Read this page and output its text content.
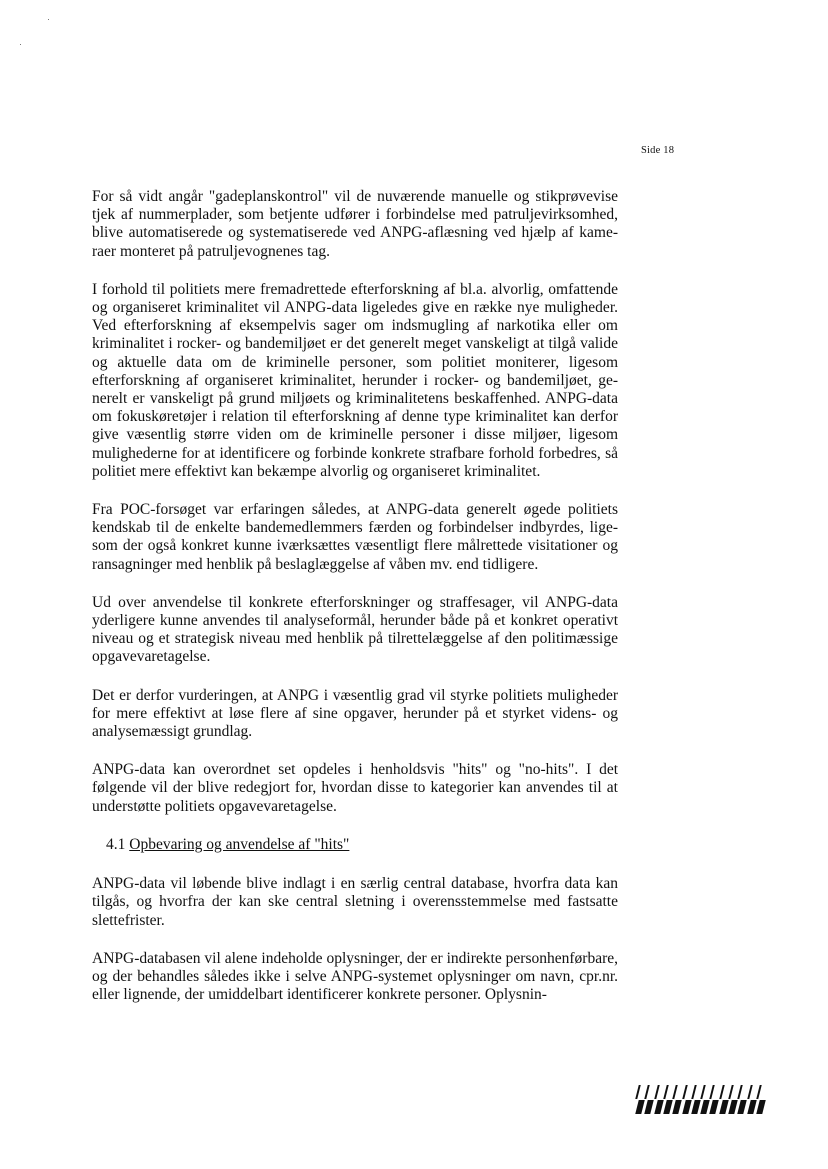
Side 18

For så vidt angår "gadeplanskontrol" vil de nuværende manuelle og stikprøvevise tjek af nummerplader, som betjente udfører i forbindelse med patruljevirksomhed, blive automatiserede og systematiserede ved ANPG-aflæsning ved hjælp af kameraer monteret på patruljevognenes tag.

I forhold til politiets mere fremadrettede efterforskning af bl.a. alvorlig, omfattende og organiseret kriminalitet vil ANPG-data ligeledes give en række nye muligheder. Ved efterforskning af eksempelvis sager om indsmugling af narkotika eller om kriminalitet i rocker- og bandemiljøet er det generelt meget vanskeligt at tilgå valide og aktuelle data om de kriminelle personer, som politiet moniterer, ligesom efterforskning af organiseret kriminalitet, herunder i rocker- og bandemiljøet, generelt er vanskeligt på grund miljøets og kriminalitetens beskaffenhed. ANPG-data om fokuskøretøjer i relation til efterforskning af denne type kriminalitet kan derfor give væsentlig større viden om de kriminelle personer i disse miljøer, ligesom mulighederne for at identificere og forbinde konkrete strafbare forhold forbedres, så politiet mere effektivt kan bekæmpe alvorlig og organiseret kriminalitet.

Fra POC-forsøget var erfaringen således, at ANPG-data generelt øgede politiets kendskab til de enkelte bandemedlemmers færden og forbindelser indbyrdes, ligesom der også konkret kunne iværksættes væsentligt flere målrettede visitationer og ransagninger med henblik på beslaglæggelse af våben mv. end tidligere.

Ud over anvendelse til konkrete efterforskninger og straffesager, vil ANPG-data yderligere kunne anvendes til analyseformål, herunder både på et konkret operativt niveau og et strategisk niveau med henblik på tilrettelæggelse af den politimæssige opgavevaretagelse.

Det er derfor vurderingen, at ANPG i væsentlig grad vil styrke politiets muligheder for mere effektivt at løse flere af sine opgaver, herunder på et styrket videns- og analysemæssigt grundlag.

ANPG-data kan overordnet set opdeles i henholdsvis "hits" og "no-hits". I det følgende vil der blive redegjort for, hvordan disse to kategorier kan anvendes til at understøtte politiets opgavevaretagelse.

4.1 Opbevaring og anvendelse af "hits"

ANPG-data vil løbende blive indlagt i en særlig central database, hvorfra data kan tilgås, og hvorfra der kan ske central sletning i overensstemmelse med fastsatte slettefrister.

ANPG-databasen vil alene indeholde oplysninger, der er indirekte personhenførbare, og der behandles således ikke i selve ANPG-systemet oplysninger om navn, cpr.nr. eller lignende, der umiddelbart identificerer konkrete personer. Oplysnin-
